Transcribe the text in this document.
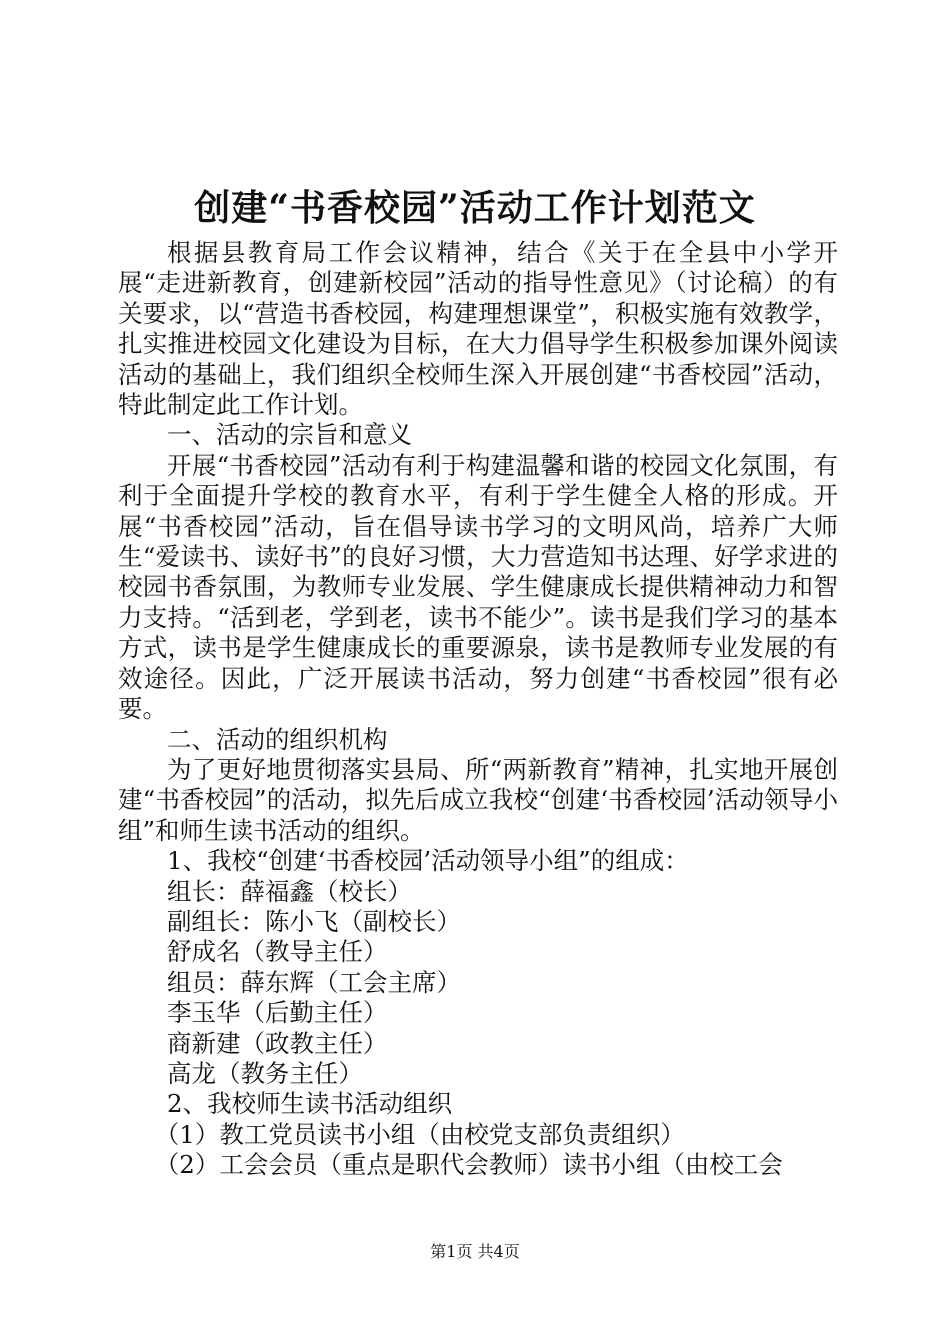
创建“书香校园”活动工作计划范文

根据县教育局工作会议精神，结合《关于在全县中小学开展“走进新教育，创建新校园”活动的指导性意见》（讨论稿）的有关要求，以“营造书香校园，构建理想课堂”，积极实施有效教学，扎实推进校园文化建设为目标，在大力倡导学生积极参加课外阅读活动的基础上，我们组织全校师生深入开展创建“书香校园”活动，特此制定此工作计划。

一、活动的宗旨和意义

开展“书香校园”活动有利于构建温馨和谐的校园文化氛围，有利于全面提升学校的教育水平，有利于学生健全人格的形成。开展“书香校园”活动，旨在倡导读书学习的文明风尚，培养广大师生“爱读书、读好书”的良好习惯，大力营造知书达理、好学求进的校园书香氛围，为教师专业发展、学生健康成长提供精神动力和智力支持。“活到老，学到老，读书不能少”。读书是我们学习的基本方式，读书是学生健康成长的重要源泉，读书是教师专业发展的有效途径。因此，广泛开展读书活动，努力创建“书香校园”很有必要。

二、活动的组织机构

为了更好地贯彻落实县局、所“两新教育”精神，扎实地开展创建“书香校园”的活动，拟先后成立我校“创建‘书香校园’活动领导小组”和师生读书活动的组织。

1、我校“创建‘书香校园’活动领导小组”的组成：

组长：薛福鑫（校长）

副组长：陈小飞（副校长）

舒成名（教导主任）

组员：薛东辉（工会主席）

李玉华（后勤主任）

商新建（政教主任）

高龙（教务主任）

2、我校师生读书活动组织

（1）教工党员读书小组（由校党支部负责组织）

（2）工会会员（重点是职代会教师）读书小组（由校工会

第1页 共4页
